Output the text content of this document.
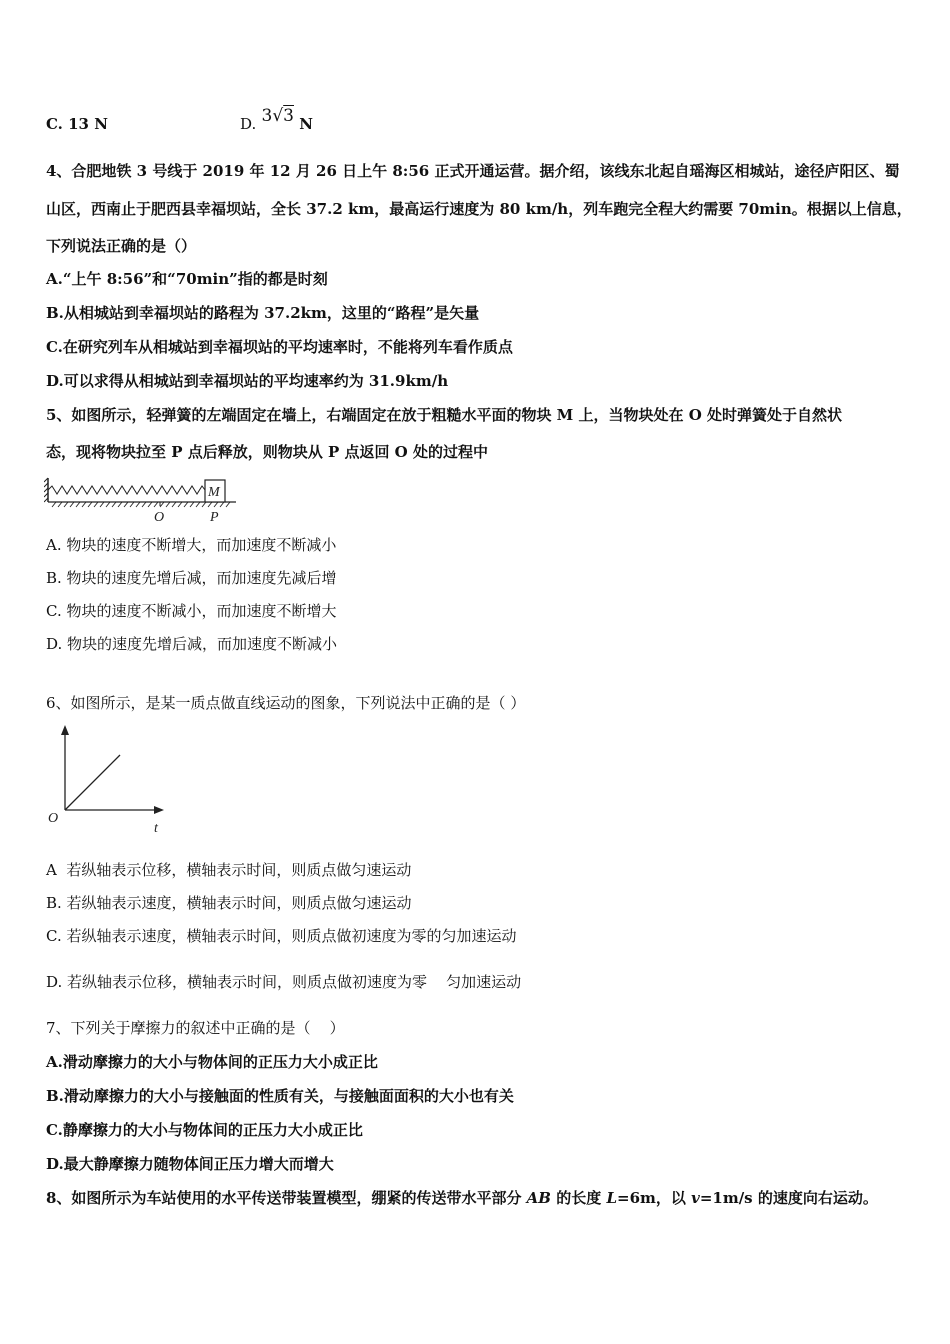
C. 13 N	D. 3√3 N
4、合肥地铁 3 号线于 2019 年 12 月 26 日上午 8:56 正式开通运营。据介绍，该线东北起自瑶海区相城站，途径庐阳区、蜀
山区，西南止于肥西县幸福坝站，全长 37.2 km，最高运行速度为 80 km/h，列车跑完全程大约需要 70min。根据以上信息，
下列说法正确的是（）
A.“上午 8:56”和“70min”指的都是时刻
B.从相城站到幸福坝站的路程为 37.2km，这里的“路程”是矢量
C.在研究列车从相城站到幸福坝站的平均速率时，不能将列车看作质点
D.可以求得从相城站到幸福坝站的平均速率约为 31.9km/h
5、如图所示，轻弹簧的左端固定在墙上，右端固定在放于粗糙水平面的物块 M 上，当物块处在 O 处时弹簧处于自然状
态，现将物块拉至 P 点后释放，则物块从 P 点返回 O 处的过程中
M
O	P
A. 物块的速度不断增大，而加速度不断减小
B. 物块的速度先增后减，而加速度先减后增
C. 物块的速度不断减小，而加速度不断增大
D. 物块的速度先增后减，而加速度不断减小
6、如图所示，是某一质点做直线运动的图象，下列说法中正确的是（ ）
O
t
A  若纵轴表示位移，横轴表示时间，则质点做匀速运动
B. 若纵轴表示速度，横轴表示时间，则质点做匀速运动
C. 若纵轴表示速度，横轴表示时间，则质点做初速度为零的匀加速运动
D. 若纵轴表示位移，横轴表示时间，则质点做初速度为零    匀加速运动
7、下列关于摩擦力的叙述中正确的是（    ）
A.滑动摩擦力的大小与物体间的正压力大小成正比
B.滑动摩擦力的大小与接触面的性质有关，与接触面面积的大小也有关
C.静摩擦力的大小与物体间的正压力大小成正比
D.最大静摩擦力随物体间正压力增大而增大
8、如图所示为车站使用的水平传送带装置模型，绷紧的传送带水平部分 AB 的长度 L=6m，以 v=1m/s 的速度向右运动。
